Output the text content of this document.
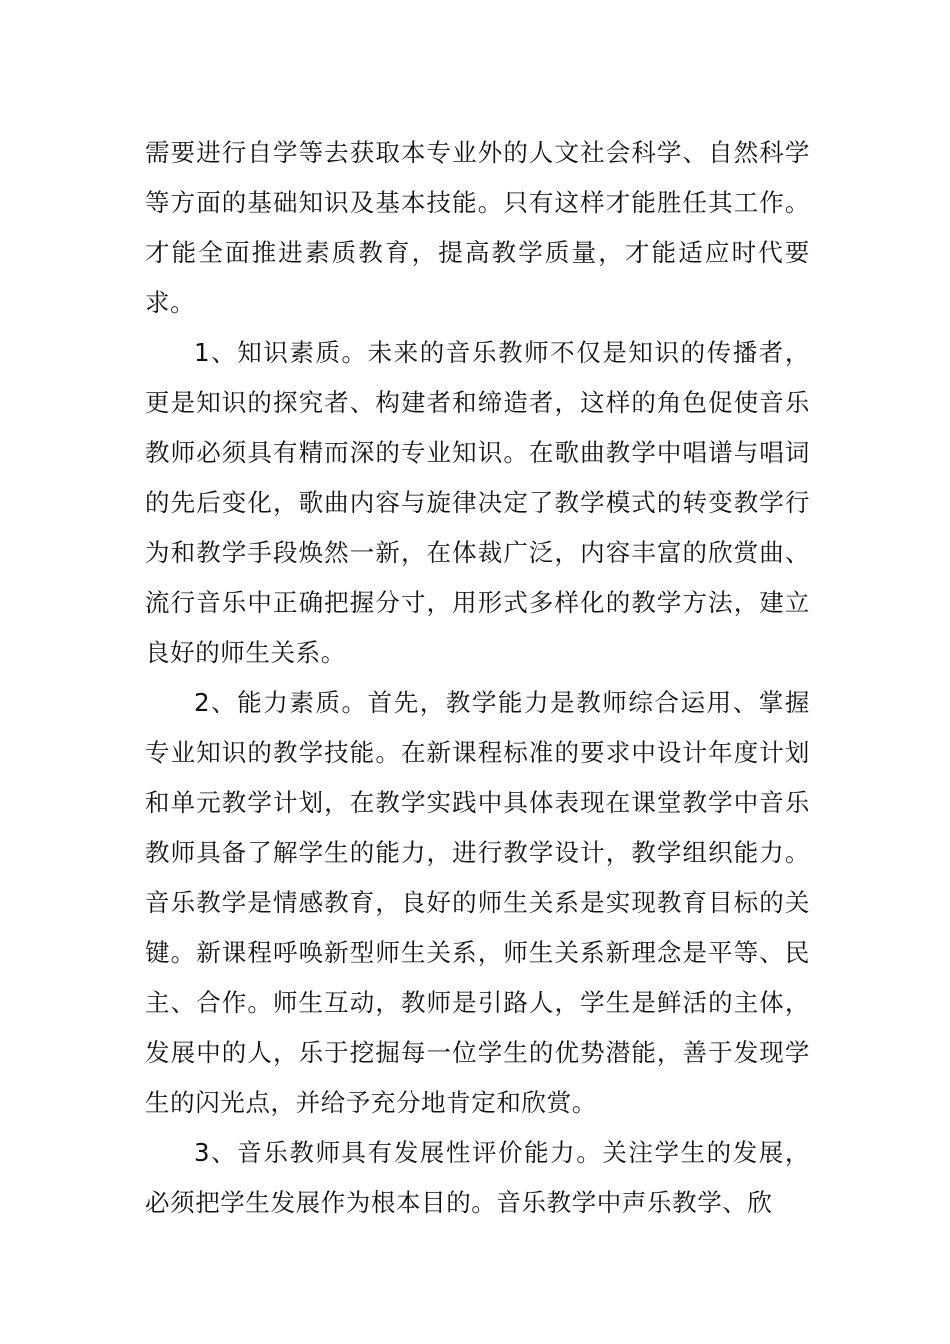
需要进行自学等去获取本专业外的人文社会科学、自然科学等方面的基础知识及基本技能。只有这样才能胜任其工作。才能全面推进素质教育，提高教学质量，才能适应时代要求。

1、知识素质。未来的音乐教师不仅是知识的传播者，更是知识的探究者、构建者和缔造者，这样的角色促使音乐教师必须具有精而深的专业知识。在歌曲教学中唱谱与唱词的先后变化，歌曲内容与旋律决定了教学模式的转变教学行为和教学手段焕然一新，在体裁广泛，内容丰富的欣赏曲、流行音乐中正确把握分寸，用形式多样化的教学方法，建立良好的师生关系。

2、能力素质。首先，教学能力是教师综合运用、掌握专业知识的教学技能。在新课程标准的要求中设计年度计划和单元教学计划，在教学实践中具体表现在课堂教学中音乐教师具备了解学生的能力，进行教学设计，教学组织能力。音乐教学是情感教育，良好的师生关系是实现教育目标的关键。新课程呼唤新型师生关系，师生关系新理念是平等、民主、合作。师生互动，教师是引路人，学生是鲜活的主体，发展中的人，乐于挖掘每一位学生的优势潜能，善于发现学生的闪光点，并给予充分地肯定和欣赏。

3、音乐教师具有发展性评价能力。关注学生的发展，必须把学生发展作为根本目的。音乐教学中声乐教学、欣
